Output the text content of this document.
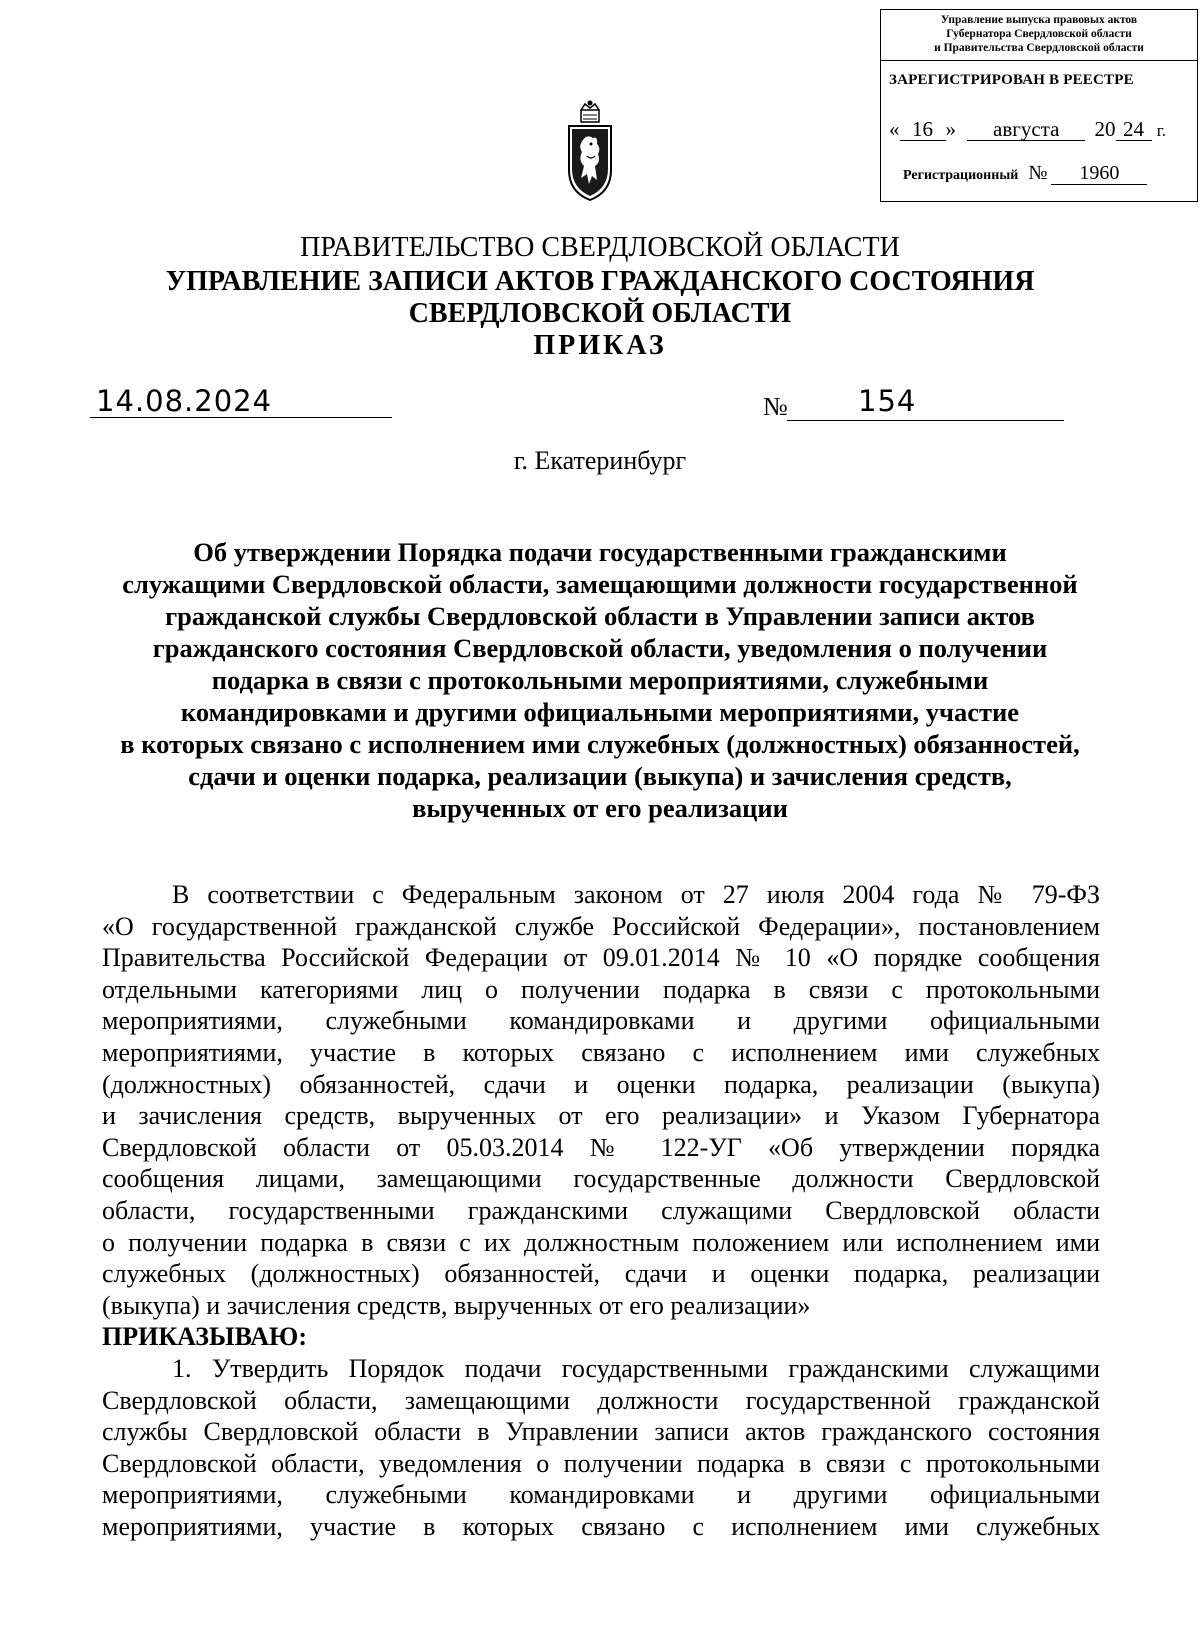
Управление выпуска правовых актов
Губернатора Свердловской области
и Правительства Свердловской области
ЗАРЕГИСТРИРОВАН В РЕЕСТРЕ
« 16 » августа 20 24 г.
Регистрационный № 1960
ПРАВИТЕЛЬСТВО СВЕРДЛОВСКОЙ ОБЛАСТИ
УПРАВЛЕНИЕ ЗАПИСИ АКТОВ ГРАЖДАНСКОГО СОСТОЯНИЯ
СВЕРДЛОВСКОЙ ОБЛАСТИ
ПРИКАЗ
14.08.2024	№ 154
г. Екатеринбург
Об утверждении Порядка подачи государственными гражданскими
служащими Свердловской области, замещающими должности государственной
гражданской службы Свердловской области в Управлении записи актов
гражданского состояния Свердловской области, уведомления о получении
подарка в связи с протокольными мероприятиями, служебными
командировками и другими официальными мероприятиями, участие
в которых связано с исполнением ими служебных (должностных) обязанностей,
сдачи и оценки подарка, реализации (выкупа) и зачисления средств,
вырученных от его реализации
В соответствии с Федеральным законом от 27 июля 2004 года № 79-ФЗ
«О государственной гражданской службе Российской Федерации», постановлением
Правительства Российской Федерации от 09.01.2014 № 10 «О порядке сообщения
отдельными категориями лиц о получении подарка в связи с протокольными
мероприятиями, служебными командировками и другими официальными
мероприятиями, участие в которых связано с исполнением ими служебных
(должностных) обязанностей, сдачи и оценки подарка, реализации (выкупа)
и зачисления средств, вырученных от его реализации» и Указом Губернатора
Свердловской области от 05.03.2014 № 122-УГ «Об утверждении порядка
сообщения лицами, замещающими государственные должности Свердловской
области, государственными гражданскими служащими Свердловской области
о получении подарка в связи с их должностным положением или исполнением ими
служебных (должностных) обязанностей, сдачи и оценки подарка, реализации
(выкупа) и зачисления средств, вырученных от его реализации»
ПРИКАЗЫВАЮ:
1. Утвердить Порядок подачи государственными гражданскими служащими
Свердловской области, замещающими должности государственной гражданской
службы Свердловской области в Управлении записи актов гражданского состояния
Свердловской области, уведомления о получении подарка в связи с протокольными
мероприятиями, служебными командировками и другими официальными
мероприятиями, участие в которых связано с исполнением ими служебных
